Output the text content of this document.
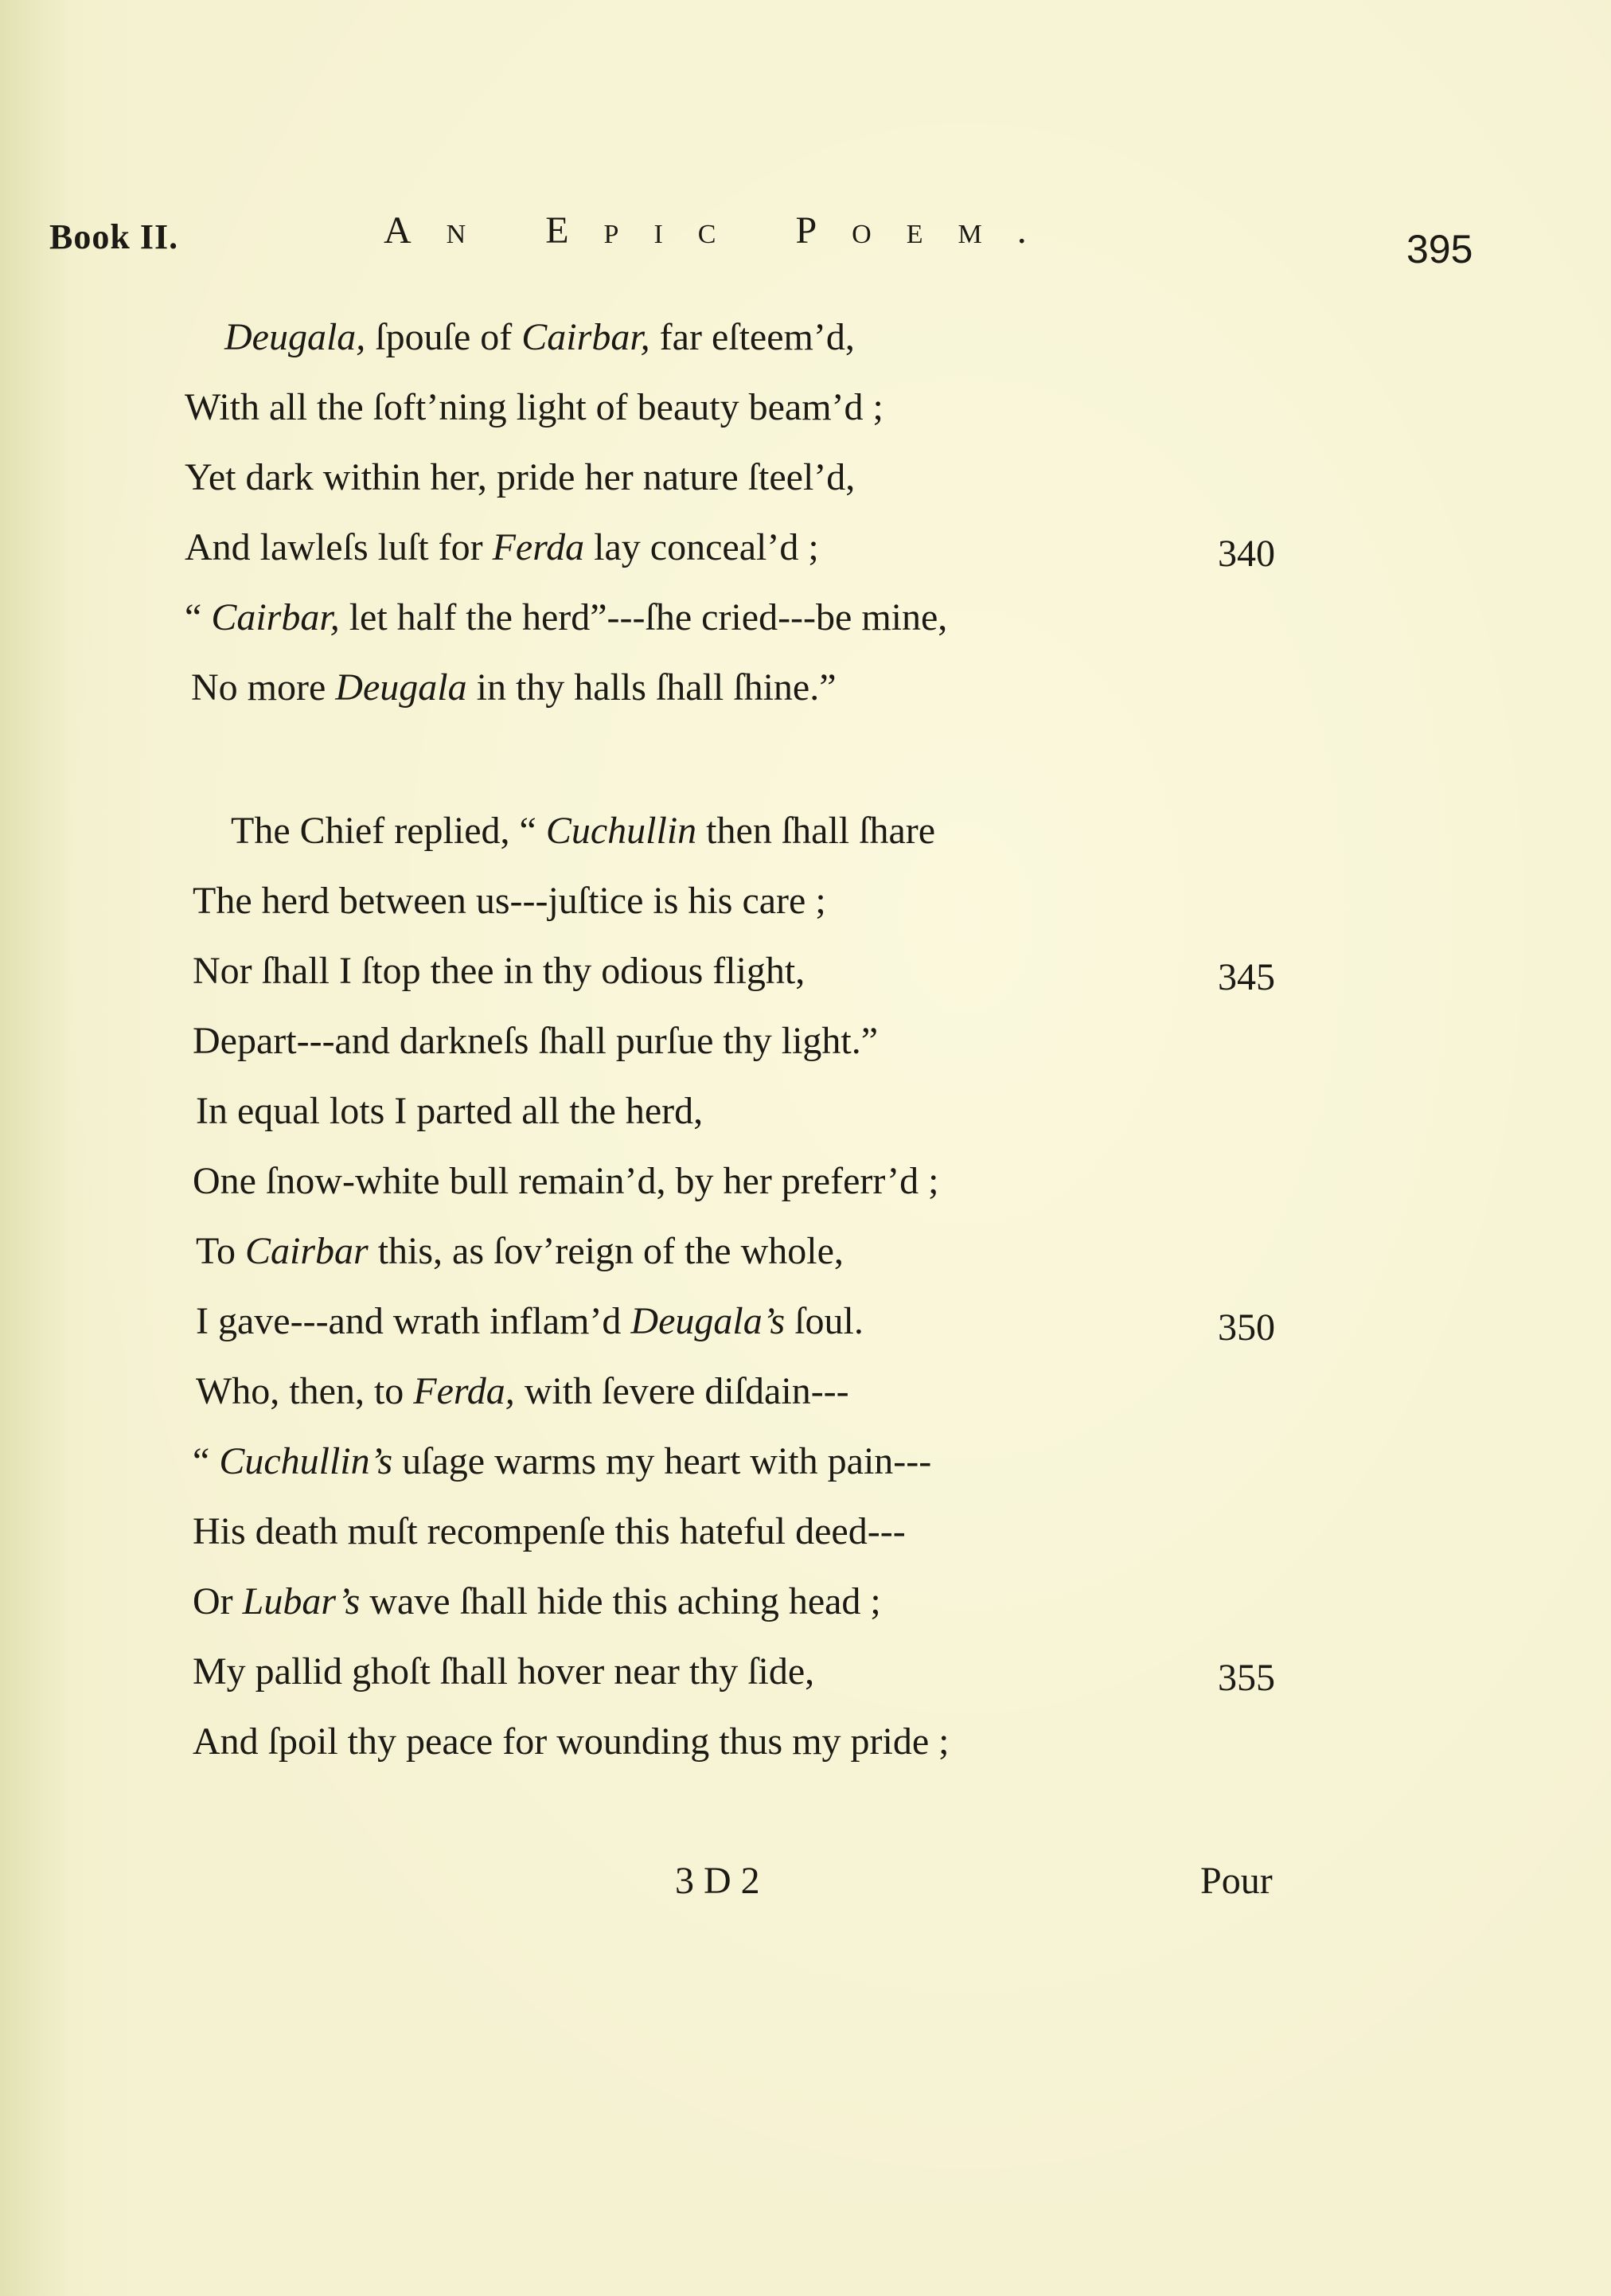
Book II.	An Epic Poem.	395
Deugala, ſpouſe of Cairbar, far eſteem’d,
With all the ſoft’ning light of beauty beam’d ;
Yet dark within her, pride her nature ſteel’d,
And lawleſs luſt for Ferda lay conceal’d ;	340
“ Cairbar, let half the herd”---ſhe cried---be mine,
No more Deugala in thy halls ſhall ſhine.”
The Chief replied, “ Cuchullin then ſhall ſhare
The herd between us---juſtice is his care ;
Nor ſhall I ſtop thee in thy odious flight,	345
Depart---and darkneſs ſhall purſue thy light.”
In equal lots I parted all the herd,
One ſnow-white bull remain’d, by her preferr’d ;
To Cairbar this, as ſov’reign of the whole,
I gave---and wrath inflam’d Deugala’s ſoul.	350
Who, then, to Ferda, with ſevere diſdain---
“ Cuchullin’s uſage warms my heart with pain---
His death muſt recompenſe this hateful deed---
Or Lubar’s wave ſhall hide this aching head ;
My pallid ghoſt ſhall hover near thy ſide,	355
And ſpoil thy peace for wounding thus my pride ;
3 D 2	Pour
